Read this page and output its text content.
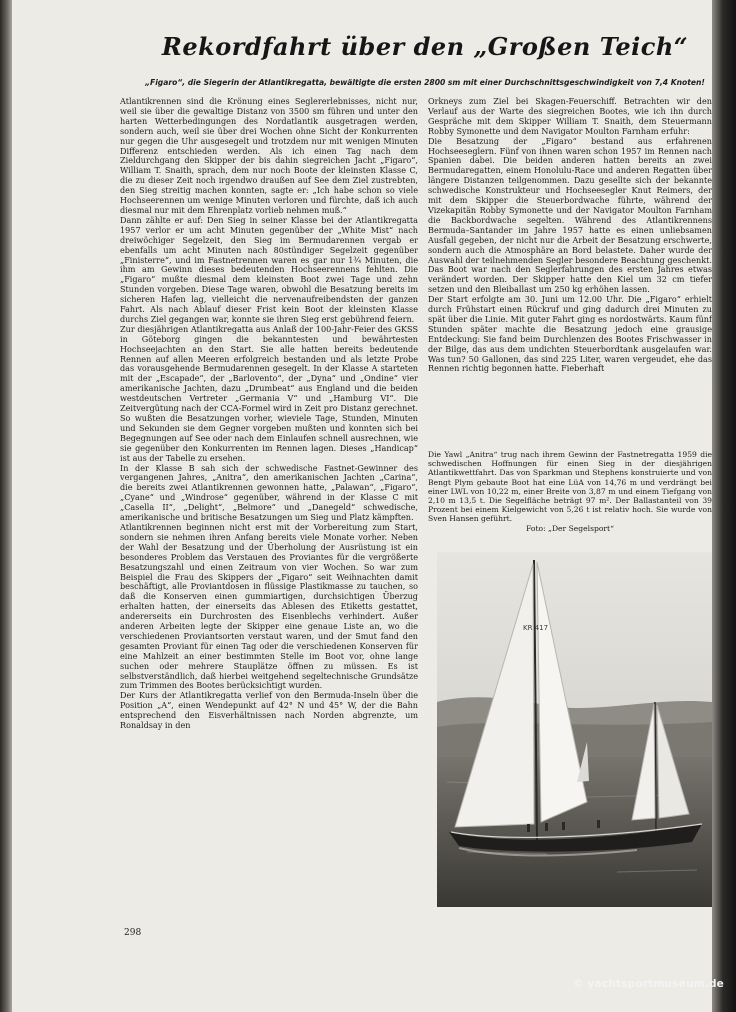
Rekordfahrt über den „Großen Teich“
„Figaro“, die Siegerin der Atlantikregatta, bewältigte die ersten 2800 sm mit einer Durchschnittsgeschwindigkeit von 7,4 Knoten!

Atlantikrennen sind die Krönung eines Seglererlebnisses, nicht nur, weil sie über die gewaltige Distanz von 3500 sm führen und unter den harten Wetterbedingungen des Nordatlantik ausgetragen werden, sondern auch, weil sie über drei Wochen ohne Sicht der Konkurrenten nur gegen die Uhr ausgesegelt und trotzdem nur mit wenigen Minuten Differenz entschieden werden. Als ich einen Tag nach dem Zieldurchgang den Skipper der bis dahin siegreichen Jacht „Figaro“, William T. Snaith, sprach, dem nur noch Boote der kleinsten Klasse C, die zu dieser Zeit noch irgendwo draußen auf See dem Ziel zustrebten, den Sieg streitig machen konnten, sagte er: „Ich habe schon so viele Hochseerennen um wenige Minuten verloren und fürchte, daß ich auch diesmal nur mit dem Ehrenplatz vorlieb nehmen muß.“

Dann zählte er auf: Den Sieg in seiner Klasse bei der Atlantikregatta 1957 verlor er um acht Minuten gegenüber der „White Mist“ nach dreiwöchiger Segelzeit, den Sieg im Bermudarennen vergab er ebenfalls um acht Minuten nach 80stündiger Segelzeit gegenüber „Finisterre“, und im Fastnetrennen waren es gar nur 1¾ Minuten, die ihm am Gewinn dieses bedeutenden Hochseerennens fehlten. Die „Figaro“ mußte diesmal dem kleinsten Boot zwei Tage und zehn Stunden vorgeben. Diese Tage waren, obwohl die Besatzung bereits im sicheren Hafen lag, vielleicht die nervenaufreibendsten der ganzen Fahrt. Als nach Ablauf dieser Frist kein Boot der kleinsten Klasse durchs Ziel gegangen war, konnte sie ihren Sieg erst gebührend feiern.

Zur diesjährigen Atlantikregatta aus Anlaß der 100-Jahr-Feier des GKSS in Göteborg gingen die bekanntesten und bewährtesten Hochseejachten an den Start. Sie alle hatten bereits bedeutende Rennen auf allen Meeren erfolgreich bestanden und als letzte Probe das vorausgehende Bermudarennen gesegelt. In der Klasse A starteten mit der „Escapade“, der „Barlovento“, der „Dyna“ und „Ondine“ vier amerikanische Jachten, dazu „Drumbeat“ aus England und die beiden westdeutschen Vertreter „Germania V“ und „Hamburg VI“. Die Zeitvergütung nach der CCA-Formel wird in Zeit pro Distanz gerechnet. So wußten die Besatzungen vorher, wieviele Tage, Stunden, Minuten und Sekunden sie dem Gegner vorgeben mußten und konnten sich bei Begegnungen auf See oder nach dem Einlaufen schnell ausrechnen, wie sie gegenüber den Konkurrenten im Rennen lagen. Dieses „Handicap“ ist aus der Tabelle zu ersehen.

In der Klasse B sah sich der schwedische Fastnet-Gewinner des vergangenen Jahres, „Anitra“, den amerikanischen Jachten „Carina“, die bereits zwei Atlantikrennen gewonnen hatte, „Palawan“, „Figaro“, „Cyane“ und „Windrose“ gegenüber, während in der Klasse C mit „Casella II“, „Delight“, „Belmore“ und „Danegeld“ schwedische, amerikanische und britische Besatzungen um Sieg und Platz kämpften.

Atlantikrennen beginnen nicht erst mit der Vorbereitung zum Start, sondern sie nehmen ihren Anfang bereits viele Monate vorher. Neben der Wahl der Besatzung und der Überholung der Ausrüstung ist ein besonderes Problem das Verstauen des Proviantes für die vergrößerte Besatzungszahl und einen Zeitraum von vier Wochen. So war zum Beispiel die Frau des Skippers der „Figaro“ seit Weihnachten damit beschäftigt, alle Proviantdosen in flüssige Plastikmasse zu tauchen, so daß die Konserven einen gummiartigen, durchsichtigen Überzug erhalten hatten, der einerseits das Ablesen des Etiketts gestattet, andererseits ein Durchrosten des Eisenblechs verhindert. Außer anderen Arbeiten legte der Skipper eine genaue Liste an, wo die verschiedenen Proviantsorten verstaut waren, und der Smut fand den gesamten Proviant für einen Tag oder die verschiedenen Konserven für eine Mahlzeit an einer bestimmten Stelle im Boot vor, ohne lange suchen oder mehrere Stauplätze öffnen zu müssen. Es ist selbstverständlich, daß hierbei weitgehend segeltechnische Grundsätze zum Trimmen des Bootes berücksichtigt wurden.

Der Kurs der Atlantikregatta verlief von den Bermuda-Inseln über die Position „A“, einen Wendepunkt auf 42° N und 45° W, der die Bahn entsprechend den Eisverhältnissen nach Norden abgrenzte, um Ronaldsay in den

Orkneys zum Ziel bei Skagen-Feuerschiff. Betrachten wir den Verlauf aus der Warte des siegreichen Bootes, wie ich ihn durch Gespräche mit dem Skipper William T. Snaith, dem Steuermann Robby Symonette und dem Navigator Moulton Farnham erfuhr:

Die Besatzung der „Figaro“ bestand aus erfahrenen Hochseeseglern. Fünf von ihnen waren schon 1957 im Rennen nach Spanien dabei. Die beiden anderen hatten bereits an zwei Bermudaregatten, einem Honolulu-Race und anderen Regatten über längere Distanzen teilgenommen. Dazu gesellte sich der bekannte schwedische Konstrukteur und Hochseesegler Knut Reimers, der mit dem Skipper die Steuerbordwache führte, während der Vizekapitän Robby Symonette und der Navigator Moulton Farnham die Backbordwache segelten. Während des Atlantikrennens Bermuda–Santander im Jahre 1957 hatte es einen unliebsamen Ausfall gegeben, der nicht nur die Arbeit der Besatzung erschwerte, sondern auch die Atmosphäre an Bord belastete. Daher wurde der Auswahl der teilnehmenden Segler besondere Beachtung geschenkt. Das Boot war nach den Seglerfahrungen des ersten Jahres etwas verändert worden. Der Skipper hatte den Kiel um 32 cm tiefer setzen und den Bleiballast um 250 kg erhöhen lassen.

Der Start erfolgte am 30. Juni um 12.00 Uhr. Die „Figaro“ erhielt durch Frühstart einen Rückruf und ging dadurch drei Minuten zu spät über die Linie. Mit guter Fahrt ging es nordostwärts. Kaum fünf Stunden später machte die Besatzung jedoch eine grausige Entdeckung: Sie fand beim Durchlenzen des Bootes Frischwasser in der Bilge, das aus dem undichten Steuerbordtank ausgelaufen war. Was tun? 50 Gallonen, das sind 225 Liter, waren vergeudet, ehe das Rennen richtig begonnen hatte. Fieberhaft

Die Yawl „Anitra“ trug nach ihrem Gewinn der Fastnetregatta 1959 die schwedischen Hoffnungen für einen Sieg in der diesjährigen Atlantikwettfahrt. Das von Sparkman und Stephens konstruierte und von Bengt Plym gebaute Boot hat eine LüA von 14,76 m und verdrängt bei einer LWL von 10,22 m, einer Breite von 3,87 m und einem Tiefgang von 2,10 m 13,5 t. Die Segelfläche beträgt 97 m². Der Ballastanteil von 39 Prozent bei einem Kielgewicht von 5,26 t ist relativ hoch. Sie wurde von Sven Hansen geführt.
Foto: „Der Segelsport“
KR 417
298
© yachtsportmuseum.de
